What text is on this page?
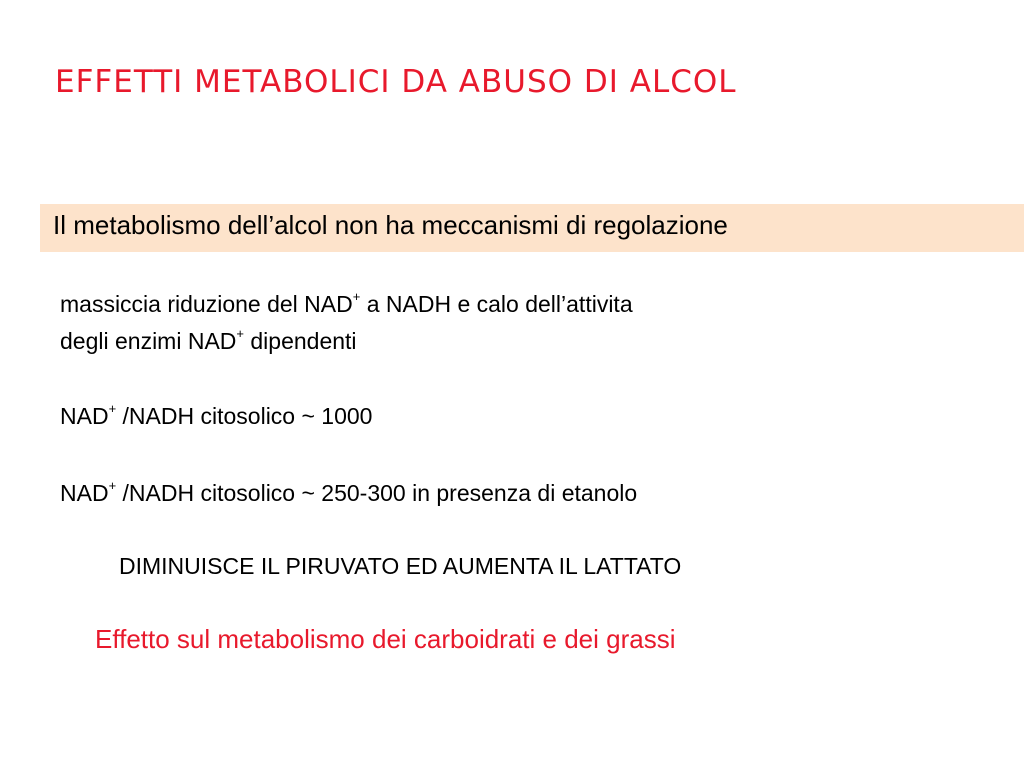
EFFETTI METABOLICI DA ABUSO DI ALCOL
Il metabolismo dell’alcol non ha meccanismi di regolazione
massiccia riduzione del NAD+ a NADH e calo dell’attivita
degli enzimi NAD+ dipendenti
NAD+ /NADH citosolico ~ 1000
NAD+ /NADH citosolico ~ 250-300 in presenza di etanolo
DIMINUISCE IL PIRUVATO ED AUMENTA IL LATTATO
Effetto sul metabolismo dei carboidrati e dei grassi
